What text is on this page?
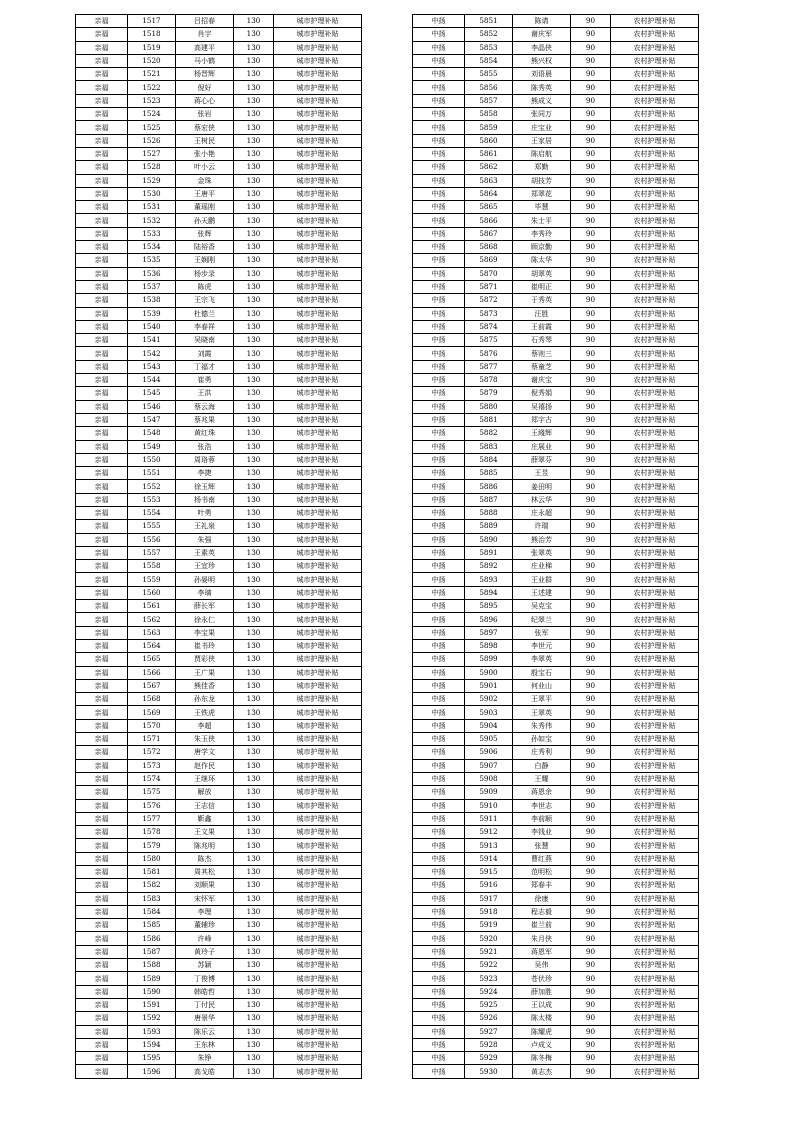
亲福	1517	吕招春	130	城市护理补贴
亲福	1518	肖宇	130	城市护理补贴
亲福	1519	高建平	130	城市护理补贴
亲福	1520	马小鹤	130	城市护理补贴
亲福	1521	杨晋辉	130	城市护理补贴
亲福	1522	倪好	130	城市护理补贴
亲福	1523	蒋心心	130	城市护理补贴
亲福	1524	张岩	130	城市护理补贴
亲福	1525	蔡宏侠	130	城市护理补贴
亲福	1526	王树民	130	城市护理补贴
亲福	1527	张小艳	130	城市护理补贴
亲福	1528	叶小云	130	城市护理补贴
亲福	1529	金珠	130	城市护理补贴
亲福	1530	王唐平	130	城市护理补贴
亲福	1531	董瑶刚	130	城市护理补贴
亲福	1532	孙天鹏	130	城市护理补贴
亲福	1533	张辉	130	城市护理补贴
亲福	1534	陆裕香	130	城市护理补贴
亲福	1535	王娴刚	130	城市护理补贴
亲福	1536	杨步录	130	城市护理补贴
亲福	1537	陈虎	130	城市护理补贴
亲福	1538	王宗飞	130	城市护理补贴
亲福	1539	杜德兰	130	城市护理补贴
亲福	1540	李春祥	130	城市护理补贴
亲福	1541	吴晓南	130	城市护理补贴
亲福	1542	刘霞	130	城市护理补贴
亲福	1543	丁福才	130	城市护理补贴
亲福	1544	崔勇	130	城市护理补贴
亲福	1545	王洪	130	城市护理补贴
亲福	1546	蔡云海	130	城市护理补贴
亲福	1547	蔡兆果	130	城市护理补贴
亲福	1548	黄红珠	130	城市护理补贴
亲福	1549	张浩	130	城市护理补贴
亲福	1550	周珞蓉	130	城市护理补贴
亲福	1551	李捷	130	城市护理补贴
亲福	1552	徐玉辉	130	城市护理补贴
亲福	1553	杨书南	130	城市护理补贴
亲福	1554	叶勇	130	城市护理补贴
亲福	1555	王礼泉	130	城市护理补贴
亲福	1556	朱强	130	城市护理补贴
亲福	1557	王素英	130	城市护理补贴
亲福	1558	王宜珍	130	城市护理补贴
亲福	1559	孙晏明	130	城市护理补贴
亲福	1560	李璃	130	城市护理补贴
亲福	1561	薛长军	130	城市护理补贴
亲福	1562	徐永仁	130	城市护理补贴
亲福	1563	李宝果	130	城市护理补贴
亲福	1564	崔书玲	130	城市护理补贴
亲福	1565	贾彩侠	130	城市护理补贴
亲福	1566	王广果	130	城市护理补贴
亲福	1567	熊佳香	130	城市护理补贴
亲福	1568	孙东龙	130	城市护理补贴
亲福	1569	王铁虎	130	城市护理补贴
亲福	1570	李超	130	城市护理补贴
亲福	1571	朱玉侠	130	城市护理补贴
亲福	1572	唐学文	130	城市护理补贴
亲福	1573	赵作民	130	城市护理补贴
亲福	1574	王继环	130	城市护理补贴
亲福	1575	解放	130	城市护理补贴
亲福	1576	王志信	130	城市护理补贴
亲福	1577	靳鑫	130	城市护理补贴
亲福	1578	王文果	130	城市护理补贴
亲福	1579	陈兆明	130	城市护理补贴
亲福	1580	陈杰	130	城市护理补贴
亲福	1581	周其松	130	城市护理补贴
亲福	1582	刘顺果	130	城市护理补贴
亲福	1583	宋怀军	130	城市护理补贴
亲福	1584	李理	130	城市护理补贴
亲福	1585	董辅珍	130	城市护理补贴
亲福	1586	许峰	130	城市护理补贴
亲福	1587	黄玲子	130	城市护理补贴
亲福	1588	苏颖	130	城市护理补贴
亲福	1589	丁俊博	130	城市护理补贴
亲福	1590	韩皓哲	130	城市护理补贴
亲福	1591	丁付民	130	城市护理补贴
亲福	1592	唐景华	130	城市护理补贴
亲福	1593	陈乐云	130	城市护理补贴
亲福	1594	王东林	130	城市护理补贴
亲福	1595	朱铮	130	城市护理补贴
亲福	1596	高戈皓	130	城市护理补贴
中扬	5851	陈请	90	农村护理补贴
中扬	5852	谢庆军	90	农村护理补贴
中扬	5853	李晶侠	90	农村护理补贴
中扬	5854	熊兴权	90	农村护理补贴
中扬	5855	刘语晨	90	农村护理补贴
中扬	5856	陈秀英	90	农村护理补贴
中扬	5857	熊成义	90	农村护理补贴
中扬	5858	张同万	90	农村护理补贴
中扬	5859	庄宝业	90	农村护理补贴
中扬	5860	王家居	90	农村护理补贴
中扬	5861	陈启航	90	农村护理补贴
中扬	5862	郑勤	90	农村护理补贴
中扬	5863	胡技芳	90	农村护理补贴
中扬	5864	郑翠花	90	农村护理补贴
中扬	5865	毕慧	90	农村护理补贴
中扬	5866	朱士平	90	农村护理补贴
中扬	5867	李秀玲	90	农村护理补贴
中扬	5868	顾京勤	90	农村护理补贴
中扬	5869	陈太华	90	农村护理补贴
中扬	5870	胡翠英	90	农村护理补贴
中扬	5871	崔明正	90	农村护理补贴
中扬	5872	于秀英	90	农村护理补贴
中扬	5873	汪胜	90	农村护理补贴
中扬	5874	王前霞	90	农村护理补贴
中扬	5875	石秀琴	90	农村护理补贴
中扬	5876	蔡则三	90	农村护理补贴
中扬	5877	蔡童芝	90	农村护理补贴
中扬	5878	谢庆宝	90	农村护理补贴
中扬	5879	倪秀娟	90	农村护理补贴
中扬	5880	吴禧扬	90	农村护理补贴
中扬	5881	郑宇古	90	农村护理补贴
中扬	5882	王綫辉	90	农村护理补贴
中扬	5883	庄展业	90	农村护理补贴
中扬	5884	薛翠芬	90	农村护理补贴
中扬	5885	王昱	90	农村护理补贴
中扬	5886	姜田明	90	农村护理补贴
中扬	5887	林云华	90	农村护理补贴
中扬	5888	庄永超	90	农村护理补贴
中扬	5889	许瑞	90	农村护理补贴
中扬	5890	熊治芳	90	农村护理补贴
中扬	5891	张翠英	90	农村护理补贴
中扬	5892	庄业梯	90	农村护理补贴
中扬	5893	王业群	90	农村护理补贴
中扬	5894	王述建	90	农村护理补贴
中扬	5895	吴克宝	90	农村护理补贴
中扬	5896	纪翠兰	90	农村护理补贴
中扬	5897	张军	90	农村护理补贴
中扬	5898	李世元	90	农村护理补贴
中扬	5899	李翠英	90	农村护理补贴
中扬	5900	殷宝石	90	农村护理补贴
中扬	5901	何业山	90	农村护理补贴
中扬	5902	王翠平	90	农村护理补贴
中扬	5903	王翠英	90	农村护理补贴
中扬	5904	朱秀伟	90	农村护理补贴
中扬	5905	孙如宝	90	农村护理补贴
中扬	5906	庄秀利	90	农村护理补贴
中扬	5907	白静	90	农村护理补贴
中扬	5908	王耀	90	农村护理补贴
中扬	5909	蒋恩余	90	农村护理补贴
中扬	5910	李世志	90	农村护理补贴
中扬	5911	李前顺	90	农村护理补贴
中扬	5912	李钱业	90	农村护理补贴
中扬	5913	张慧	90	农村护理补贴
中扬	5914	曹红燕	90	农村护理补贴
中扬	5915	范明松	90	农村护理补贴
中扬	5916	郑春丰	90	农村护理补贴
中扬	5917	徐康	90	农村护理补贴
中扬	5918	程志毅	90	农村护理补贴
中扬	5919	崔兰前	90	农村护理补贴
中扬	5920	朱月侠	90	农村护理补贴
中扬	5921	蒋恩军	90	农村护理补贴
中扬	5922	吴伟	90	农村护理补贴
中扬	5923	苍伏珍	90	农村护理补贴
中扬	5924	薛加胜	90	农村护理补贴
中扬	5925	王以成	90	农村护理补贴
中扬	5926	陈太楼	90	农村护理补贴
中扬	5927	陈耀虎	90	农村护理补贴
中扬	5928	卢成义	90	农村护理补贴
中扬	5929	陈冬梅	90	农村护理补贴
中扬	5930	黄志杰	90	农村护理补贴
